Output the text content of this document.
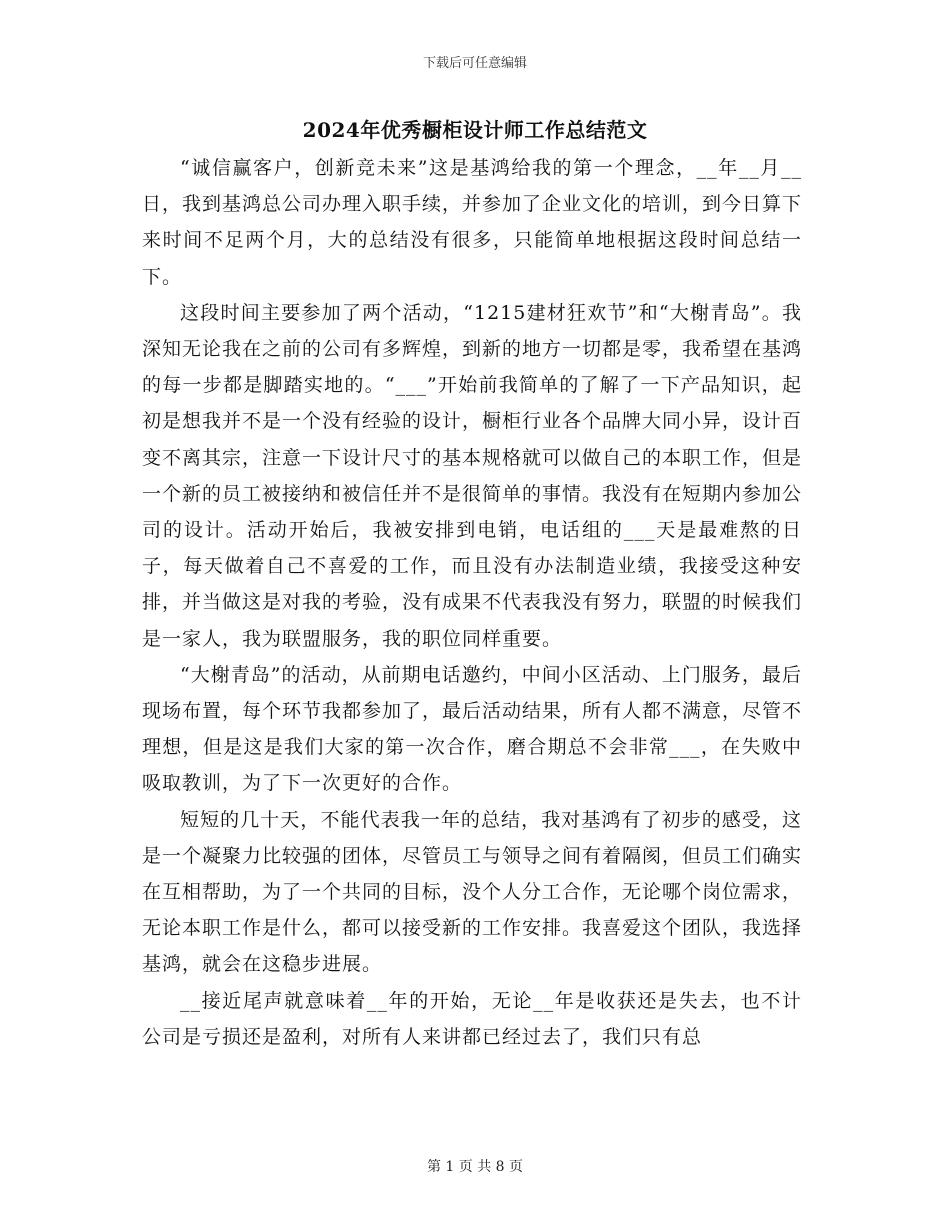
下载后可任意编辑
2024年优秀橱柜设计师工作总结范文

“诚信赢客户，创新竞未来”这是基鸿给我的第一个理念，__年__月__日，我到基鸿总公司办理入职手续，并参加了企业文化的培训，到今日算下来时间不足两个月，大的总结没有很多，只能简单地根据这段时间总结一下。

这段时间主要参加了两个活动，“1215建材狂欢节”和“大榭青岛”。我深知无论我在之前的公司有多辉煌，到新的地方一切都是零，我希望在基鸿的每一步都是脚踏实地的。“___”开始前我简单的了解了一下产品知识，起初是想我并不是一个没有经验的设计，橱柜行业各个品牌大同小异，设计百变不离其宗，注意一下设计尺寸的基本规格就可以做自己的本职工作，但是一个新的员工被接纳和被信任并不是很简单的事情。我没有在短期内参加公司的设计。活动开始后，我被安排到电销，电话组的___天是最难熬的日子，每天做着自己不喜爱的工作，而且没有办法制造业绩，我接受这种安排，并当做这是对我的考验，没有成果不代表我没有努力，联盟的时候我们是一家人，我为联盟服务，我的职位同样重要。

“大榭青岛”的活动，从前期电话邀约，中间小区活动、上门服务，最后现场布置，每个环节我都参加了，最后活动结果，所有人都不满意，尽管不理想，但是这是我们大家的第一次合作，磨合期总不会非常___，在失败中吸取教训，为了下一次更好的合作。

短短的几十天，不能代表我一年的总结，我对基鸿有了初步的感受，这是一个凝聚力比较强的团体，尽管员工与领导之间有着隔阂，但员工们确实在互相帮助，为了一个共同的目标，没个人分工合作，无论哪个岗位需求，无论本职工作是什么，都可以接受新的工作安排。我喜爱这个团队，我选择基鸿，就会在这稳步进展。

__接近尾声就意味着__年的开始，无论__年是收获还是失去，也不计公司是亏损还是盈利，对所有人来讲都已经过去了，我们只有总

第 1 页 共 8 页
